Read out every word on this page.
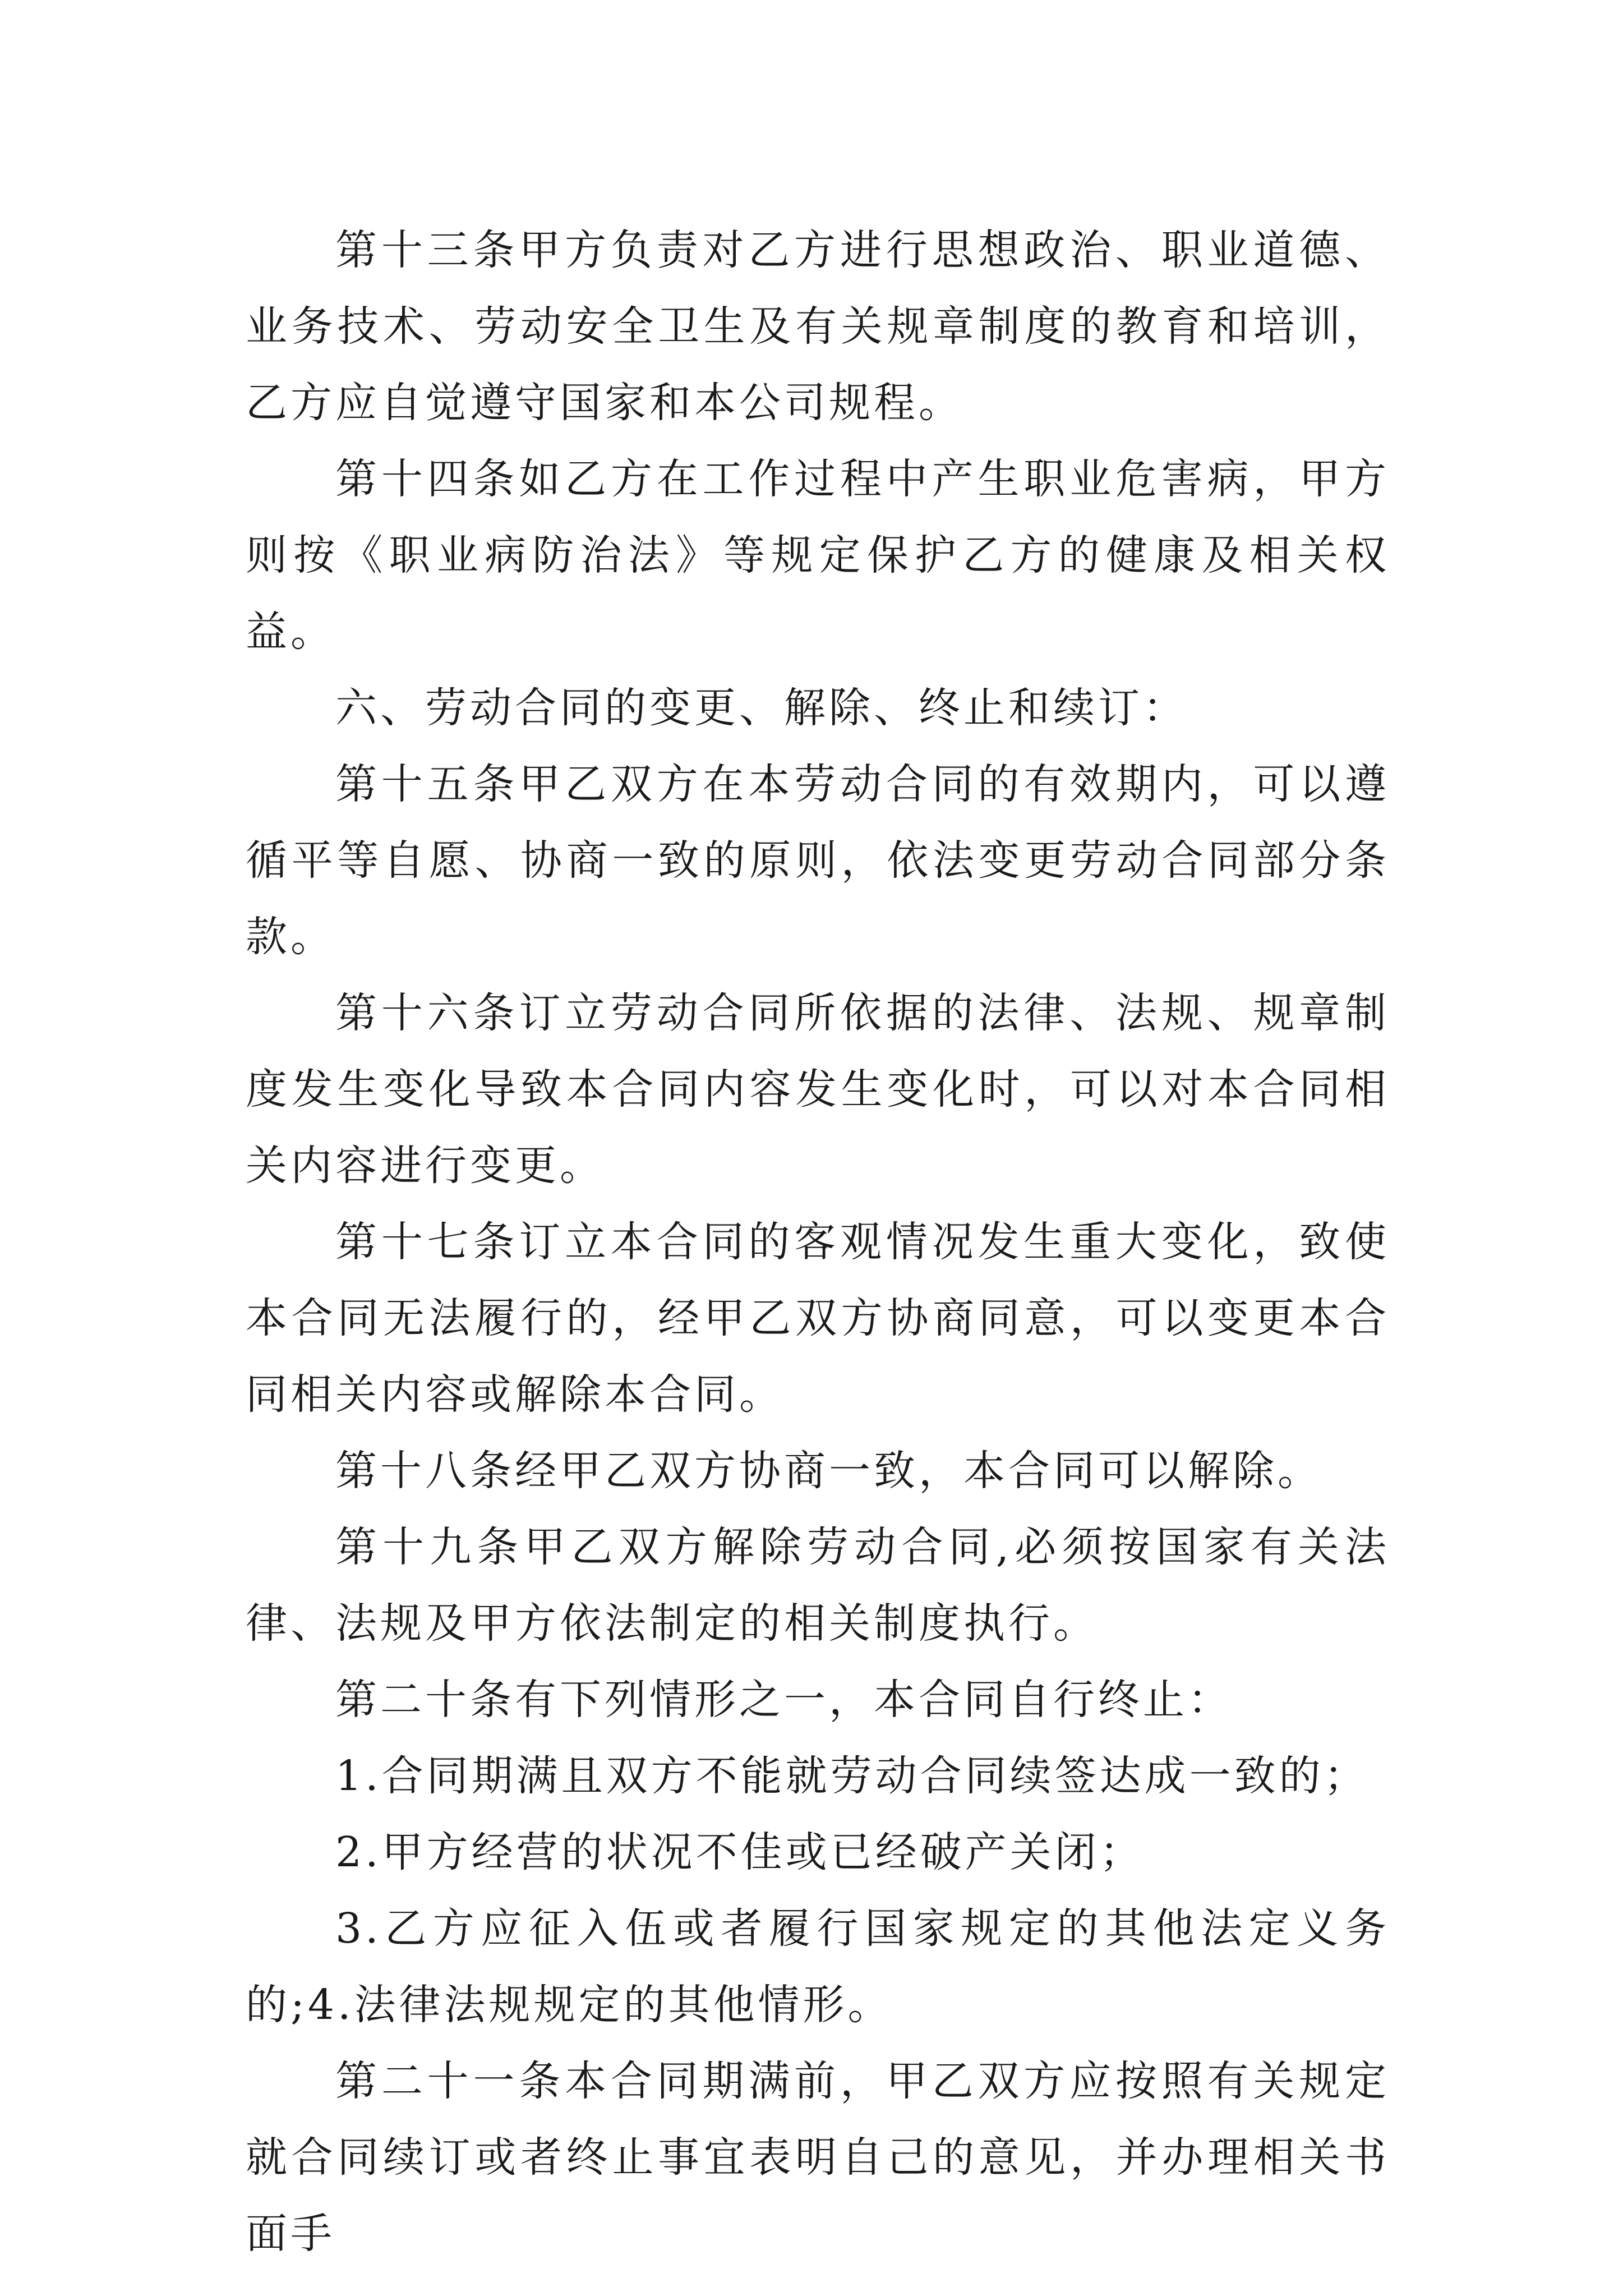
第十三条甲方负责对乙方进行思想政治、职业道德、业务技术、劳动安全卫生及有关规章制度的教育和培训，乙方应自觉遵守国家和本公司规程。

第十四条如乙方在工作过程中产生职业危害病，甲方则按《职业病防治法》等规定保护乙方的健康及相关权益。

六、劳动合同的变更、解除、终止和续订：

第十五条甲乙双方在本劳动合同的有效期内，可以遵循平等自愿、协商一致的原则，依法变更劳动合同部分条款。

第十六条订立劳动合同所依据的法律、法规、规章制度发生变化导致本合同内容发生变化时，可以对本合同相关内容进行变更。

第十七条订立本合同的客观情况发生重大变化，致使本合同无法履行的，经甲乙双方协商同意，可以变更本合同相关内容或解除本合同。

第十八条经甲乙双方协商一致，本合同可以解除。

第十九条甲乙双方解除劳动合同,必须按国家有关法律、法规及甲方依法制定的相关制度执行。

第二十条有下列情形之一，本合同自行终止：

1.合同期满且双方不能就劳动合同续签达成一致的；

2.甲方经营的状况不佳或已经破产关闭；

3.乙方应征入伍或者履行国家规定的其他法定义务的;4.法律法规规定的其他情形。

第二十一条本合同期满前，甲乙双方应按照有关规定就合同续订或者终止事宜表明自己的意见，并办理相关书面手
